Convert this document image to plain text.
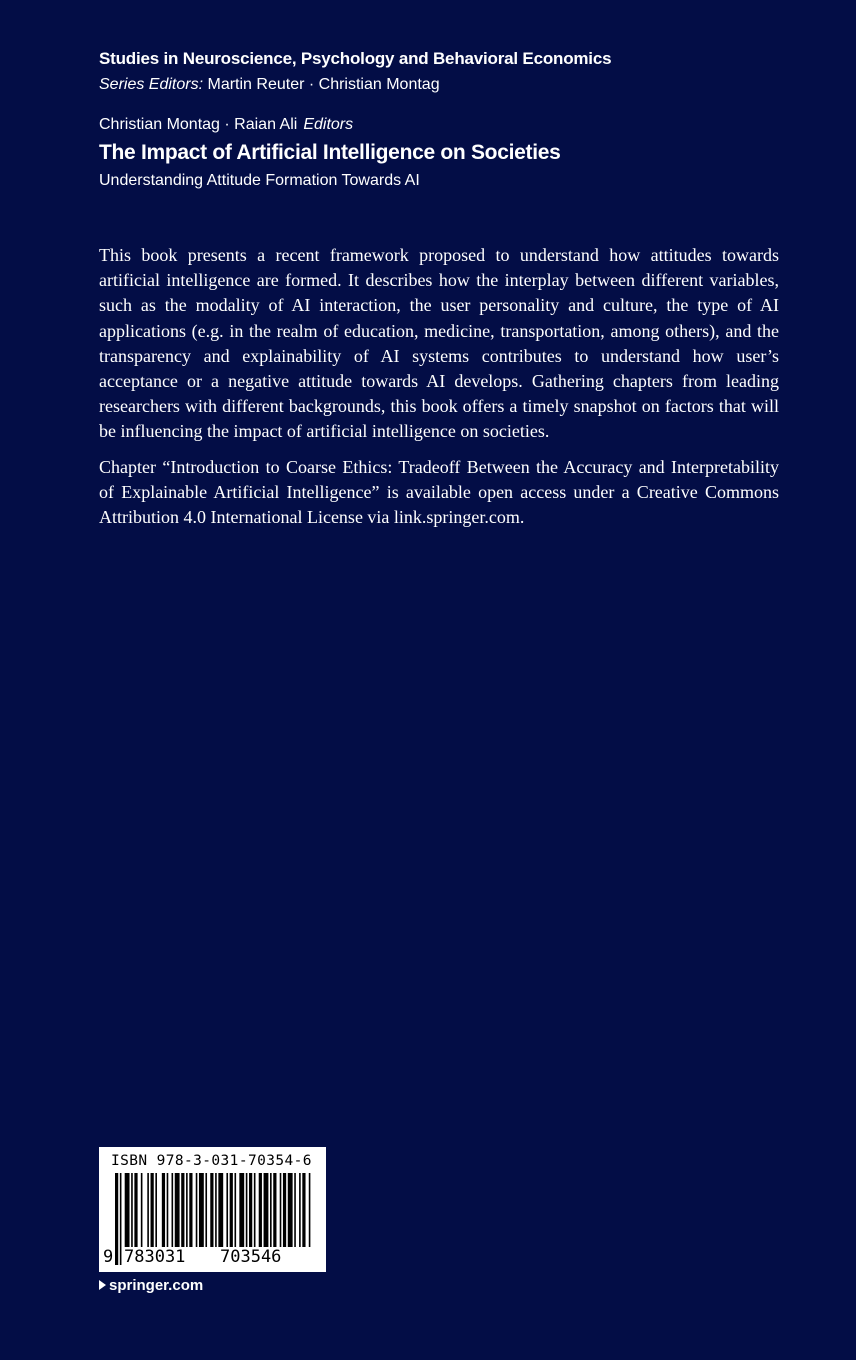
Studies in Neuroscience, Psychology and Behavioral Economics
Series Editors: Martin Reuter · Christian Montag
Christian Montag · Raian Ali Editors
The Impact of Artificial Intelligence on Societies
Understanding Attitude Formation Towards AI

This book presents a recent framework proposed to understand how attitudes towards artificial intelligence are formed. It describes how the interplay between different variables, such as the modality of AI interaction, the user personality and culture, the type of AI applications (e.g. in the realm of education, medicine, transportation, among others), and the transparency and explainability of AI systems contributes to understand how user’s acceptance or a negative attitude towards AI develops. Gathering chapters from leading researchers with different backgrounds, this book offers a timely snapshot on factors that will be influencing the impact of artificial intelligence on societies.

Chapter “Introduction to Coarse Ethics: Tradeoff Between the Accuracy and Interpretability of Explainable Artificial Intelligence” is available open access under a Creative Commons Attribution 4.0 International License via link.springer.com.

ISBN 978-3-031-70354-6
9 783031 703546
springer.com
